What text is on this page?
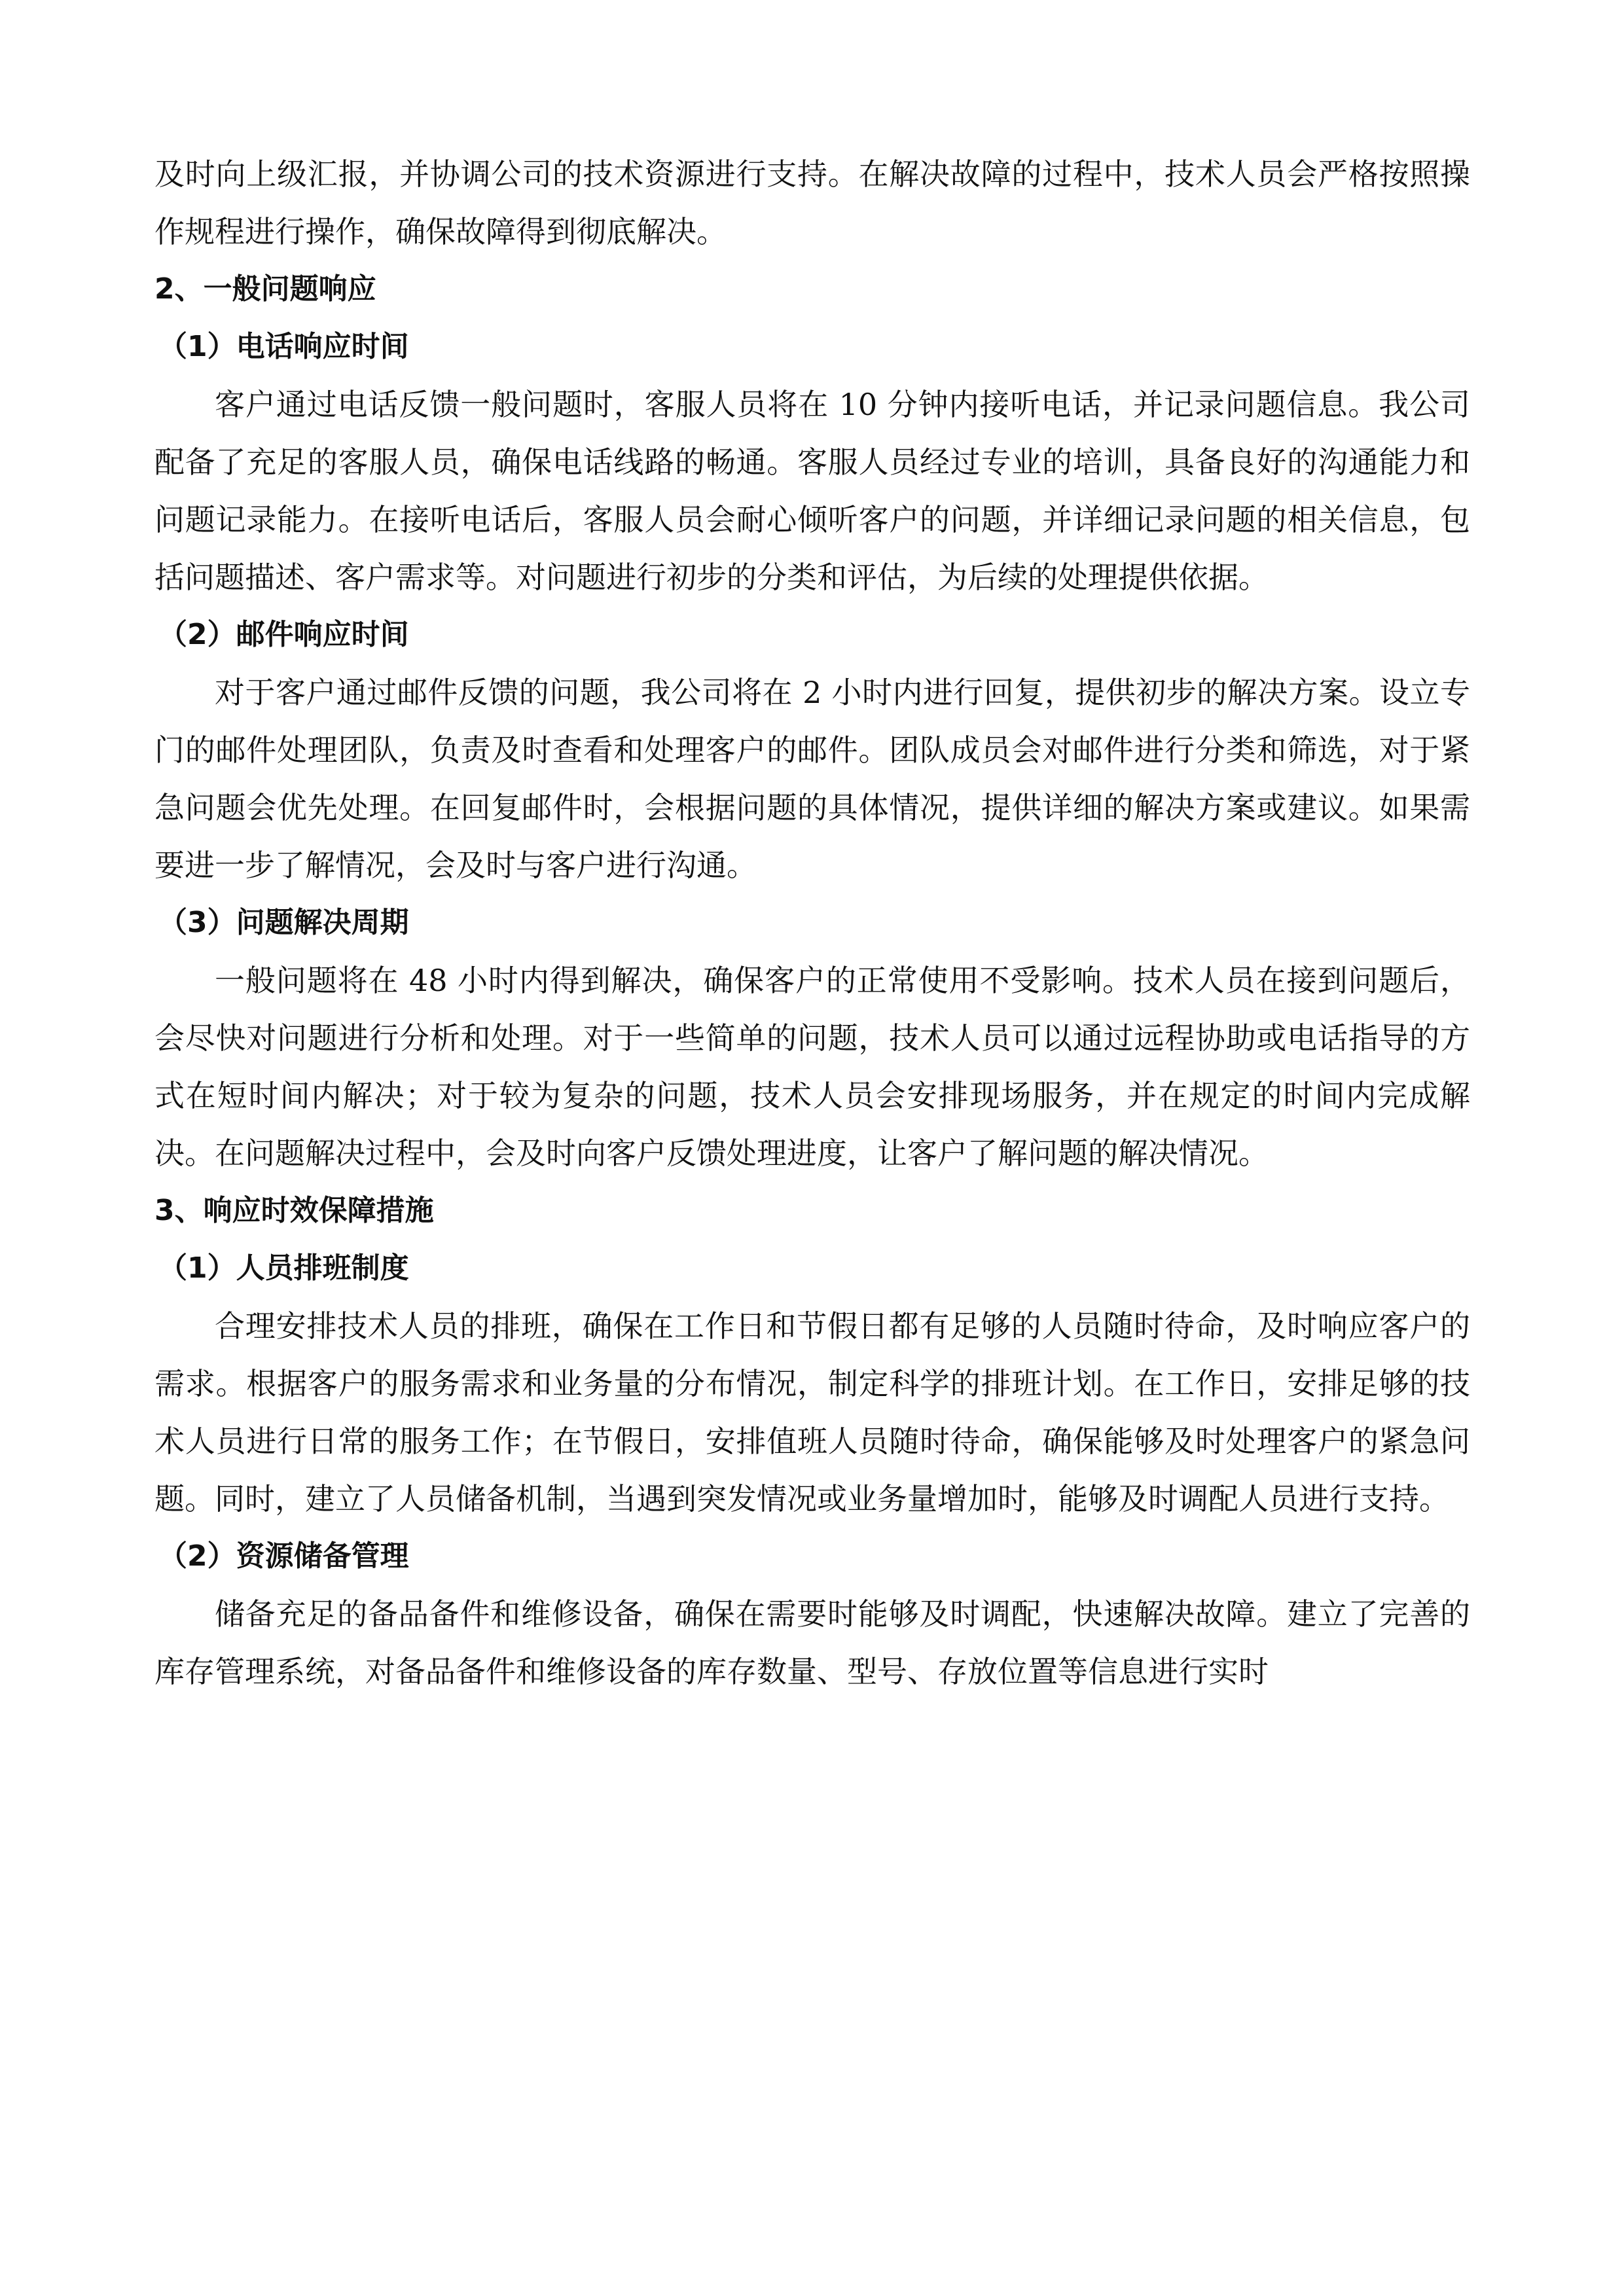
及时向上级汇报，并协调公司的技术资源进行支持。在解决故障的过程中，技术人员会严格按照操作规程进行操作，确保故障得到彻底解决。

2、一般问题响应
（1）电话响应时间

客户通过电话反馈一般问题时，客服人员将在 10 分钟内接听电话，并记录问题信息。我公司配备了充足的客服人员，确保电话线路的畅通。客服人员经过专业的培训，具备良好的沟通能力和问题记录能力。在接听电话后，客服人员会耐心倾听客户的问题，并详细记录问题的相关信息，包括问题描述、客户需求等。对问题进行初步的分类和评估，为后续的处理提供依据。

（2）邮件响应时间

对于客户通过邮件反馈的问题，我公司将在 2 小时内进行回复，提供初步的解决方案。设立专门的邮件处理团队，负责及时查看和处理客户的邮件。团队成员会对邮件进行分类和筛选，对于紧急问题会优先处理。在回复邮件时，会根据问题的具体情况，提供详细的解决方案或建议。如果需要进一步了解情况，会及时与客户进行沟通。

（3）问题解决周期

一般问题将在 48 小时内得到解决，确保客户的正常使用不受影响。技术人员在接到问题后，会尽快对问题进行分析和处理。对于一些简单的问题，技术人员可以通过远程协助或电话指导的方式在短时间内解决；对于较为复杂的问题，技术人员会安排现场服务，并在规定的时间内完成解决。在问题解决过程中，会及时向客户反馈处理进度，让客户了解问题的解决情况。

3、响应时效保障措施
（1）人员排班制度

合理安排技术人员的排班，确保在工作日和节假日都有足够的人员随时待命，及时响应客户的需求。根据客户的服务需求和业务量的分布情况，制定科学的排班计划。在工作日，安排足够的技术人员进行日常的服务工作；在节假日，安排值班人员随时待命，确保能够及时处理客户的紧急问题。同时，建立了人员储备机制，当遇到突发情况或业务量增加时，能够及时调配人员进行支持。

（2）资源储备管理

储备充足的备品备件和维修设备，确保在需要时能够及时调配，快速解决故障。建立了完善的库存管理系统，对备品备件和维修设备的库存数量、型号、存放位置等信息进行实时
